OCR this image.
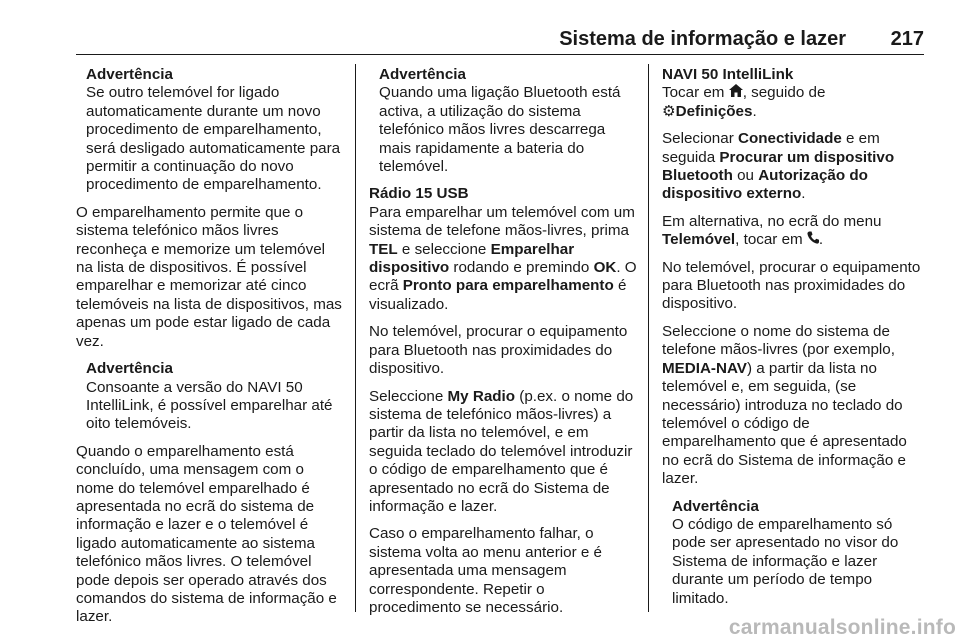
Sistema de informação e lazer 217
Advertência
Se outro telemóvel for ligado automaticamente durante um novo procedimento de emparelhamento, será desligado automaticamente para permitir a continuação do novo procedimento de emparelhamento.

O emparelhamento permite que o sistema telefónico mãos livres reconheça e memorize um telemóvel na lista de dispositivos. É possível emparelhar e memorizar até cinco telemóveis na lista de dispositivos, mas apenas um pode estar ligado de cada vez.

Advertência
Consoante a versão do NAVI 50 IntelliLink, é possível emparelhar até oito telemóveis.

Quando o emparelhamento está concluído, uma mensagem com o nome do telemóvel emparelhado é apresentada no ecrã do sistema de informação e lazer e o telemóvel é ligado automaticamente ao sistema telefónico mãos livres. O telemóvel pode depois ser operado através dos comandos do sistema de informação e lazer.

Advertência
Quando uma ligação Bluetooth está activa, a utilização do sistema telefónico mãos livres descarrega mais rapidamente a bateria do telemóvel.
Rádio 15 USB

Para emparelhar um telemóvel com um sistema de telefone mãos-livres, prima TEL e seleccione Emparelhar dispositivo rodando e premindo OK. O ecrã Pronto para emparelhamento é visualizado.

No telemóvel, procurar o equipamento para Bluetooth nas proximidades do dispositivo.

Seleccione My Radio (p.ex. o nome do sistema de telefónico mãos-livres) a partir da lista no telemóvel, e em seguida teclado do telemóvel introduzir o código de emparelhamento que é apresentado no ecrã do Sistema de informação e lazer.

Caso o emparelhamento falhar, o sistema volta ao menu anterior e é apresentada uma mensagem correspondente. Repetir o procedimento se necessário.

NAVI 50 IntelliLink

Tocar em , seguido de
⚙Definições.

Selecionar Conectividade e em seguida Procurar um dispositivo Bluetooth ou Autorização do dispositivo externo.

Em alternativa, no ecrã do menu Telemóvel, tocar em .

No telemóvel, procurar o equipamento para Bluetooth nas proximidades do dispositivo.

Seleccione o nome do sistema de telefone mãos-livres (por exemplo, MEDIA-NAV) a partir da lista no telemóvel e, em seguida, (se necessário) introduza no teclado do telemóvel o código de emparelhamento que é apresentado no ecrã do Sistema de informação e lazer.

Advertência
O código de emparelhamento só pode ser apresentado no visor do Sistema de informação e lazer durante um período de tempo limitado.
carmanualsonline.info
